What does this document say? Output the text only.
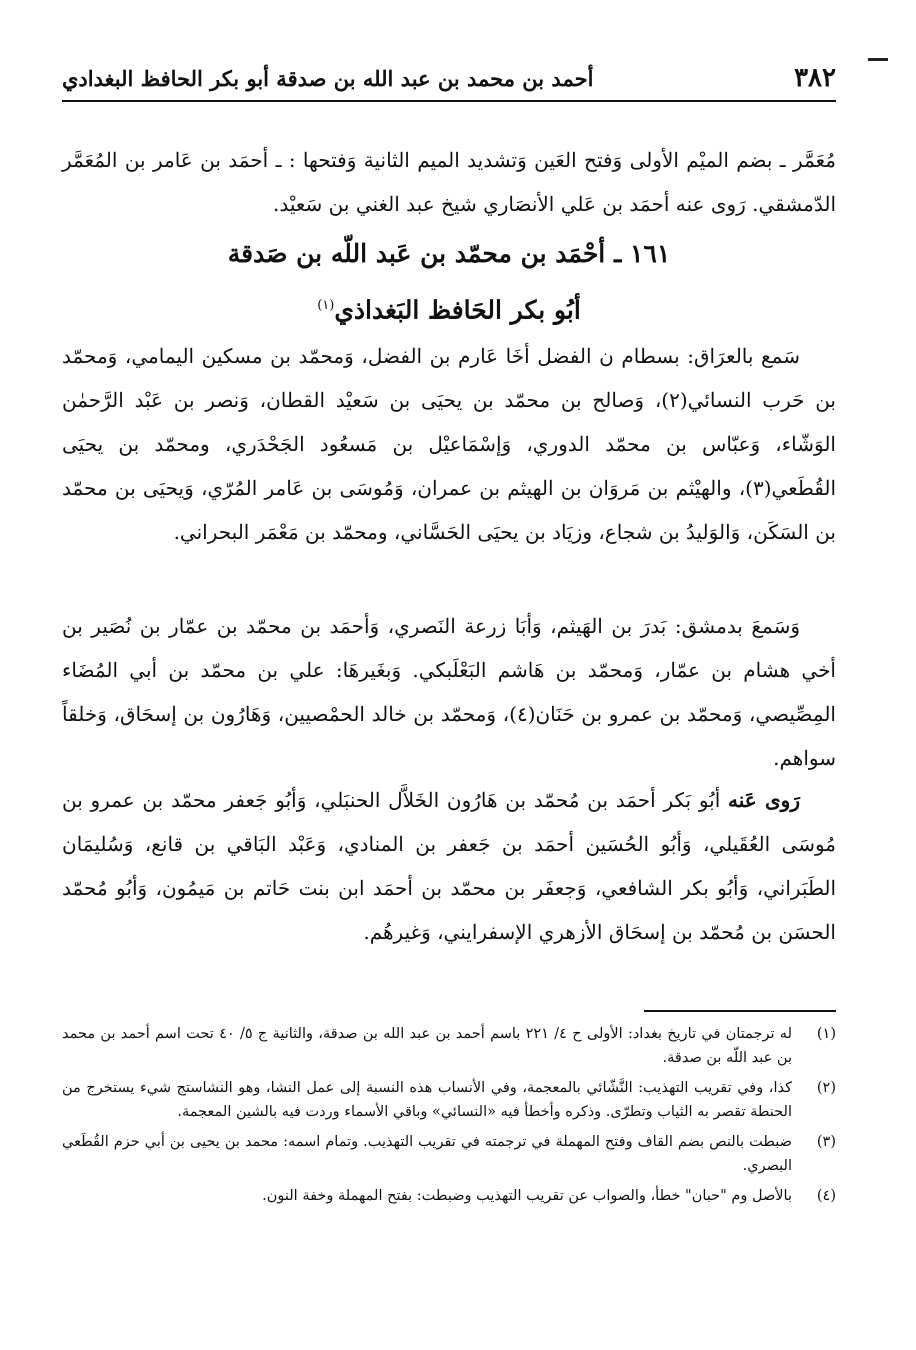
٣٨٢
أحمد بن محمد بن عبد الله بن صدقة أبو بكر الحافظ البغدادي

مُعَمَّر ـ بضم الميْم الأولى وَفتح العَين وَتشديد الميم الثانية وَفتحها : ـ أحمَد بن عَامر بن المُعَمَّر الدّمشقي. رَوى عنه أحمَد بن عَلي الأنصَاري شيخ عبد الغني بن سَعيْد.

١٦١ ـ أحْمَد بن محمّد بن عَبد اللّه بن صَدقة
أبُو بكر الحَافظ البَغداذي$^{(١)}$

سَمع بالعرَاق: بسطام ن الفضل أخَا عَارم بن الفضل، وَمحمّد بن مسكين اليمامي، وَمحمّد بن حَرب النسائي(٢)، وَصالح بن محمّد بن يحيَى بن سَعيْد القطان، وَنصر بن عَبْد الرَّحمٰن الوَشّاء، وَعبّاس بن محمّد الدوري، وَإسْمَاعيْل بن مَسعُود الجَحْدَري، ومحمّد بن يحيَى القُطَعي(٣)، والهيْثم بن مَروَان بن الهيثم بن عمران، وَمُوسَى بن عَامر المُرّي، وَيحيَى بن محمّد بن السَكَن، وَالوَليدُ بن شجاع، وزيَاد بن يحيَى الحَسَّاني، ومحمّد بن مَعْمَر البحراني.

وَسَمعَ بدمشق: بَدرَ بن الهَيثم، وَأبَا زرعة النَصري، وَأحمَد بن محمّد بن عمّار بن نُصَير بن أخي هشام بن عمّار، وَمحمّد بن هَاشم البَعْلَبكي. وَبغَيرهَا: علي بن محمّد بن أبي المُضَاء المِصِّيصي، وَمحمّد بن عمرو بن حَنَان(٤)، وَمحمّد بن خالد الحمْصيين، وَهَارُون بن إسحَاق، وَخلقاً سواهم.

رَوى عَنه أبُو بَكر أحمَد بن مُحمّد بن هَارُون الخَلاَّل الحنبَلي، وَأبُو جَعفر محمّد بن عمرو بن مُوسَى العُقَيلي، وَأبُو الحُسَين أحمَد بن جَعفر بن المنادي، وَعَبْد البَاقي بن قانع، وَسُليمَان الطَبَراني، وَأبُو بكر الشافعي، وَجعفَر بن محمّد بن أحمَد ابن بنت حَاتم بن مَيمُون، وَأبُو مُحمّد الحسَن بن مُحمّد بن إسحَاق الأزهري الإسفرايني، وَغيرهُم.

(١)
له ترجمتان في تاريخ بغداد: الأولى ح ٤/ ٢٢١ باسم أحمد بن عبد الله بن صدقة، والثانية ج ٥/ ٤٠ تحت اسم أحمد بن محمد بن عبد اللّه بن صدقة.
(٢)
كذا، وفي تقريب التهذيب: النَّشّائي بالمعجمة، وفي الأنساب هذه النسبة إلى عمل النشا، وهو النشاستج شيء يستخرج من الحنطة تقصر به الثياب وتطرّى. وذكره وأخطأ فيه «النسائي» وباقي الأسماء وردت فيه بالشين المعجمة.
(٣)
ضبطت بالنص بضم القاف وفتح المهملة في ترجمته في تقريب التهذيب. وتمام اسمه: محمد بن يحيى بن أبي حزم القُطَعي البصري.
(٤)
بالأصل وم "حبان" خطأ، والصواب عن تقريب التهذيب وضبطت: بفتح المهملة وخفة النون.
